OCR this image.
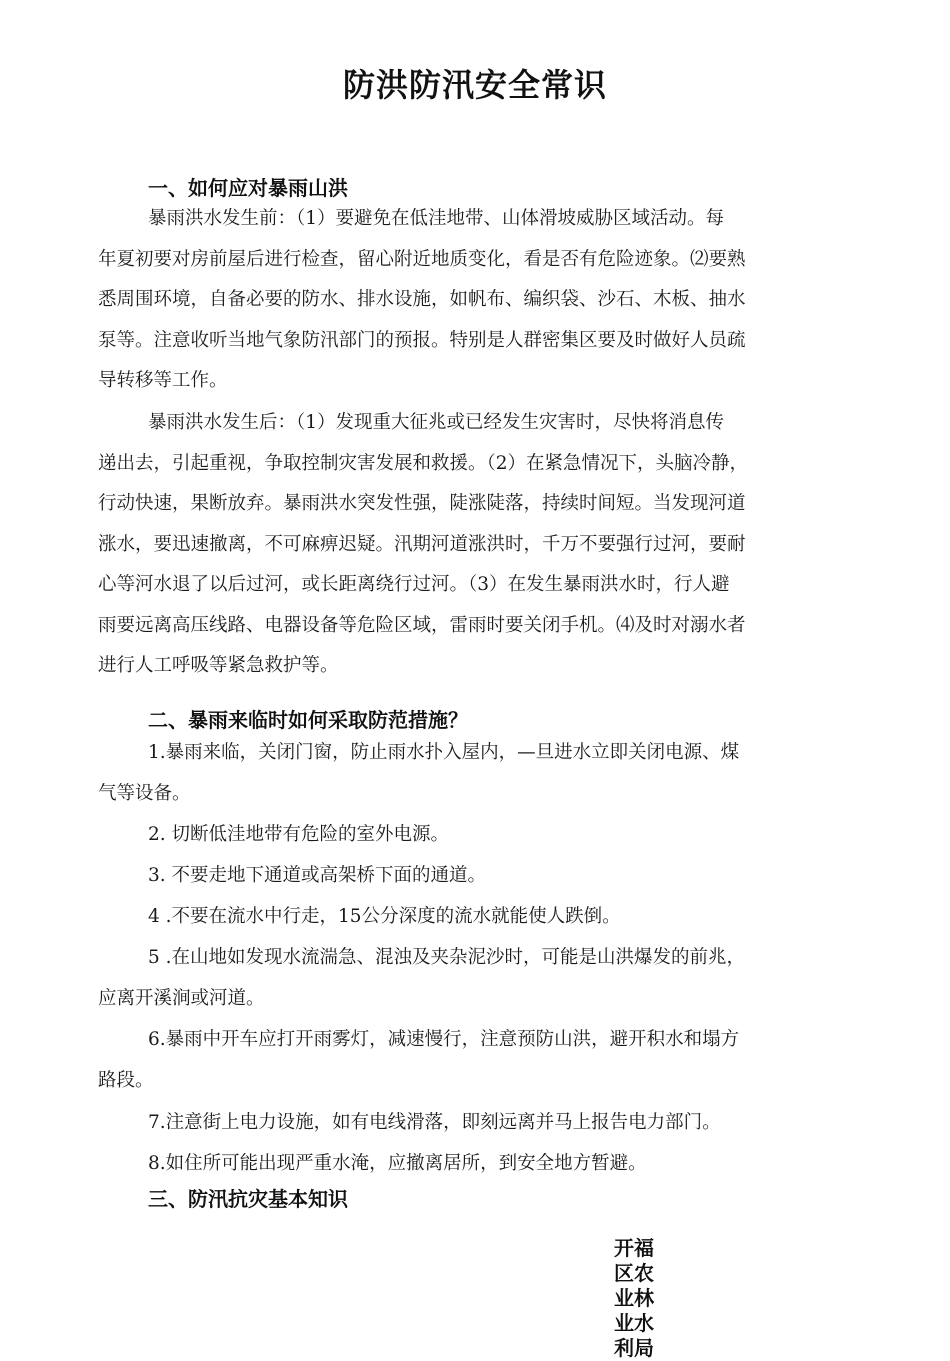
防洪防汛安全常识
一、如何应对暴雨山洪
暴雨洪水发生前：（1）要避免在低洼地带、山体滑坡威胁区域活动。每
年夏初要对房前屋后进行检查，留心附近地质变化，看是否有危险迹象。⑵要熟
悉周围环境，自备必要的防水、排水设施，如帆布、编织袋、沙石、木板、抽水
泵等。注意收听当地气象防汛部门的预报。特别是人群密集区要及时做好人员疏
导转移等工作。
暴雨洪水发生后：（1）发现重大征兆或已经发生灾害时，尽快将消息传
递出去，引起重视，争取控制灾害发展和救援。（2）在紧急情况下，头脑冷静，
行动快速，果断放弃。暴雨洪水突发性强，陡涨陡落，持续时间短。当发现河道
涨水，要迅速撤离，不可麻痹迟疑。汛期河道涨洪时，千万不要强行过河，要耐
心等河水退了以后过河，或长距离绕行过河。（3）在发生暴雨洪水时，行人避
雨要远离高压线路、电器设备等危险区域，雷雨时要关闭手机。⑷及时对溺水者
进行人工呼吸等紧急救护等。
二、暴雨来临时如何采取防范措施？
1.暴雨来临，关闭门窗，防止雨水扑入屋内，—旦进水立即关闭电源、煤
气等设备。
2. 切断低洼地带有危险的室外电源。
3. 不要走地下通道或高架桥下面的通道。
4 .不要在流水中行走，15公分深度的流水就能使人跌倒。
5 .在山地如发现水流湍急、混浊及夹杂泥沙时，可能是山洪爆发的前兆，
应离开溪涧或河道。
6.暴雨中开车应打开雨雾灯，减速慢行，注意预防山洪，避开积水和塌方
路段。
7.注意街上电力设施，如有电线滑落，即刻远离并马上报告电力部门。
8.如住所可能出现严重水淹，应撤离居所，到安全地方暂避。
三、防汛抗灾基本知识
开福
区农
业林
业水
利局
